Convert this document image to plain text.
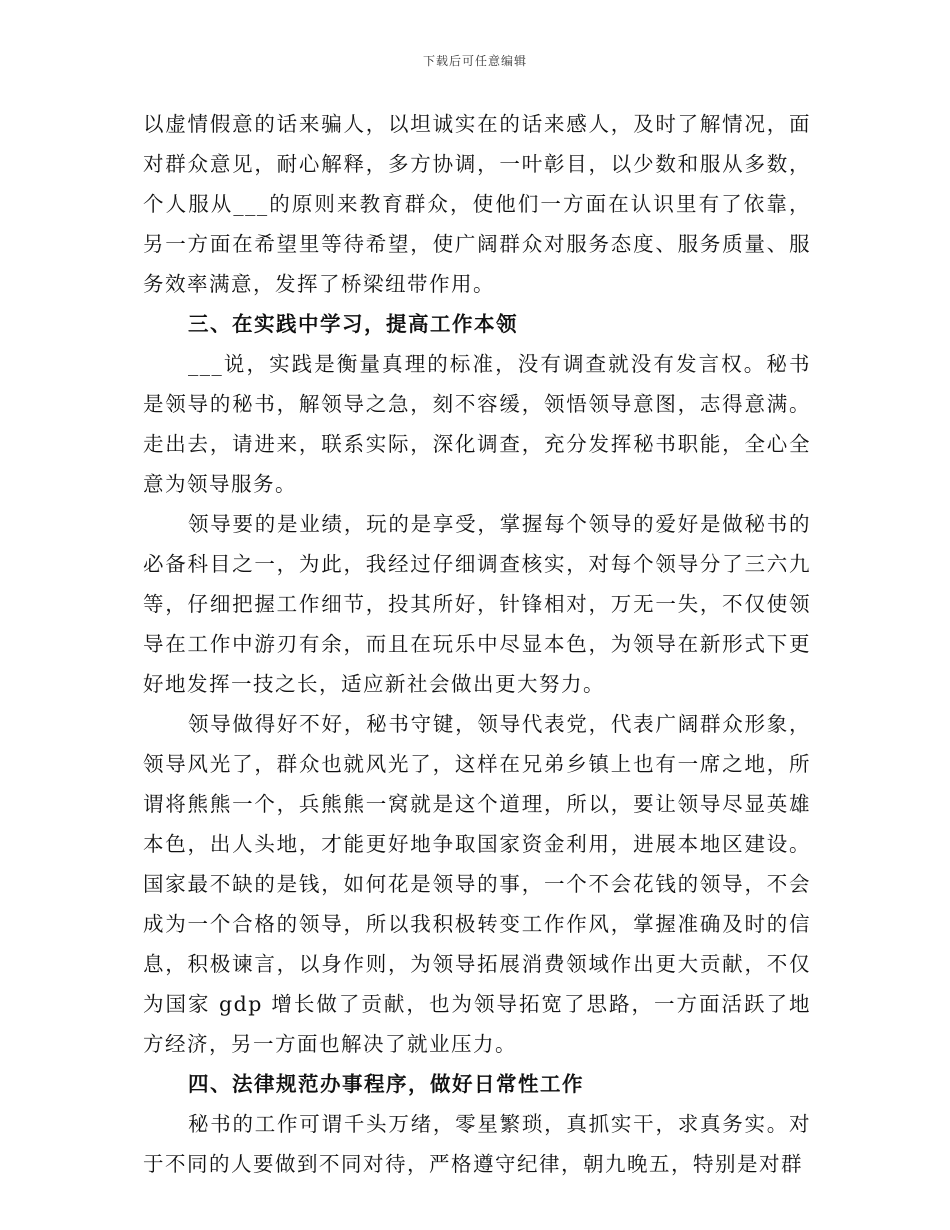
下载后可任意编辑

以虚情假意的话来骗人，以坦诚实在的话来感人，及时了解情况，面对群众意见，耐心解释，多方协调，一叶彰目，以少数和服从多数，个人服从___的原则来教育群众，使他们一方面在认识里有了依靠，另一方面在希望里等待希望，使广阔群众对服务态度、服务质量、服务效率满意，发挥了桥梁纽带作用。

三、在实践中学习，提高工作本领

___说，实践是衡量真理的标准，没有调查就没有发言权。秘书是领导的秘书，解领导之急，刻不容缓，领悟领导意图，志得意满。走出去，请进来，联系实际，深化调查，充分发挥秘书职能，全心全意为领导服务。

领导要的是业绩，玩的是享受，掌握每个领导的爱好是做秘书的必备科目之一，为此，我经过仔细调查核实，对每个领导分了三六九等，仔细把握工作细节，投其所好，针锋相对，万无一失，不仅使领导在工作中游刃有余，而且在玩乐中尽显本色，为领导在新形式下更好地发挥一技之长，适应新社会做出更大努力。

领导做得好不好，秘书守键，领导代表党，代表广阔群众形象，领导风光了，群众也就风光了，这样在兄弟乡镇上也有一席之地，所谓将熊熊一个，兵熊熊一窝就是这个道理，所以，要让领导尽显英雄本色，出人头地，才能更好地争取国家资金利用，进展本地区建设。国家最不缺的是钱，如何花是领导的事，一个不会花钱的领导，不会成为一个合格的领导，所以我积极转变工作作风，掌握准确及时的信息，积极谏言，以身作则，为领导拓展消费领域作出更大贡献，不仅为国家 gdp 增长做了贡献，也为领导拓宽了思路，一方面活跃了地方经济，另一方面也解决了就业压力。

四、法律规范办事程序，做好日常性工作

秘书的工作可谓千头万绪，零星繁琐，真抓实干，求真务实。对于不同的人要做到不同对待，严格遵守纪律，朝九晚五，特别是对群
